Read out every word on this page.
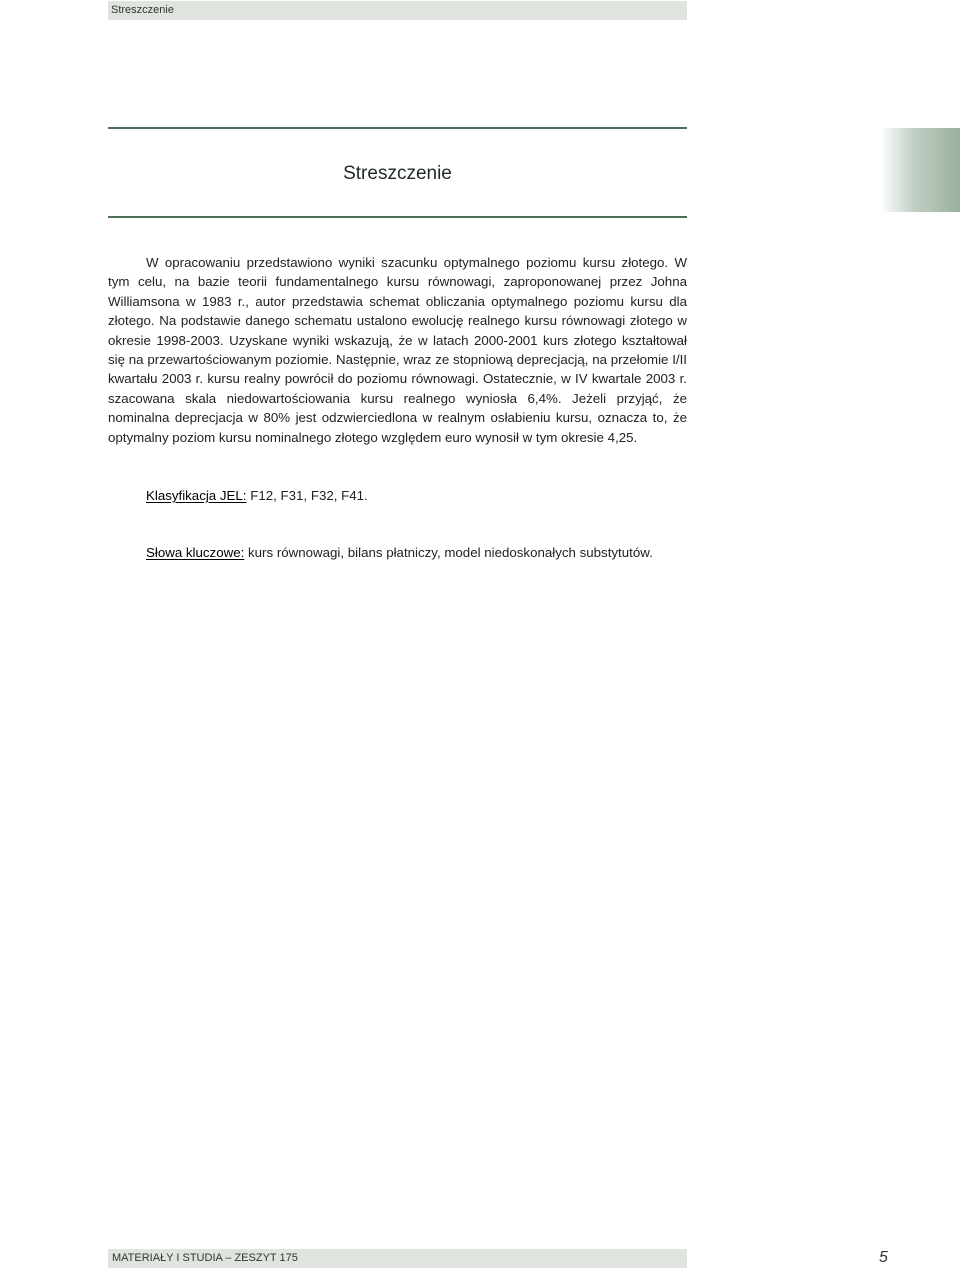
Streszczenie
Streszczenie

W opracowaniu przedstawiono wyniki szacunku optymalnego poziomu kursu złotego. W tym celu, na bazie teorii fundamentalnego kursu równowagi, zaproponowanej przez Johna Williamsona w 1983 r., autor przedstawia schemat obliczania optymalnego poziomu kursu dla złotego. Na podstawie danego schematu ustalono ewolucję realnego kursu równowagi złotego w okresie 1998-2003. Uzyskane wyniki wskazują, że w latach 2000-2001 kurs złotego kształtował się na przewartościowanym poziomie. Następnie, wraz ze stopniową deprecjacją, na przełomie I/II kwartału 2003 r. kursu realny powrócił do poziomu równowagi. Ostatecznie, w IV kwartale 2003 r. szacowana skala niedowartościowania kursu realnego wyniosła 6,4%. Jeżeli przyjąć, że nominalna deprecjacja w 80% jest odzwierciedlona w realnym osłabieniu kursu, oznacza to, że optymalny poziom kursu nominalnego złotego względem euro wynosił w tym okresie 4,25.

Klasyfikacja JEL: F12, F31, F32, F41.

Słowa kluczowe: kurs równowagi, bilans płatniczy, model niedoskonałych substytutów.

MATERIAŁY I STUDIA – ZESZYT 175	5
